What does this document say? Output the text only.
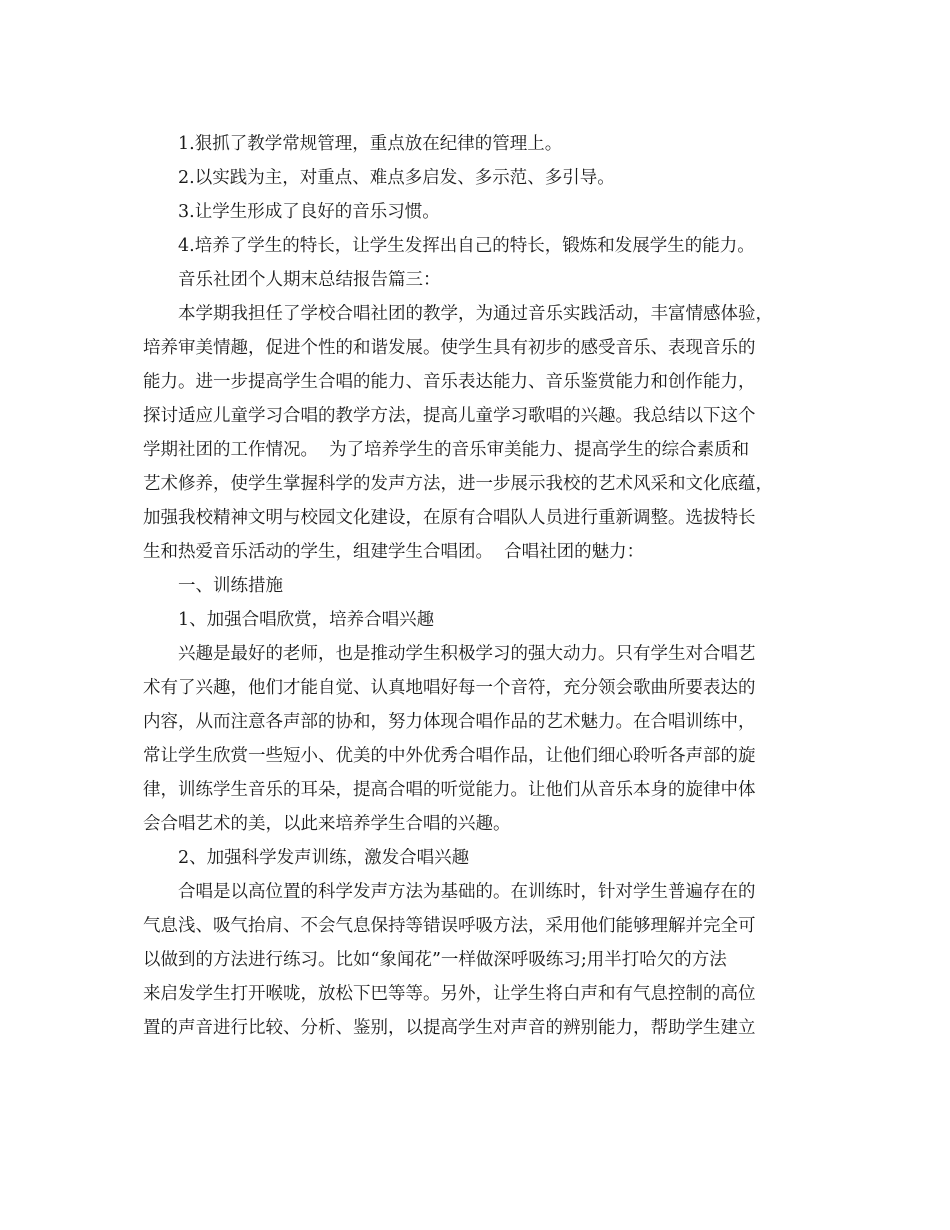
1.狠抓了教学常规管理，重点放在纪律的管理上。
2.以实践为主，对重点、难点多启发、多示范、多引导。
3.让学生形成了良好的音乐习惯。
4.培养了学生的特长，让学生发挥出自己的特长，锻炼和发展学生的能力。
音乐社团个人期末总结报告篇三：
本学期我担任了学校合唱社团的教学，为通过音乐实践活动，丰富情感体验，
培养审美情趣，促进个性的和谐发展。使学生具有初步的感受音乐、表现音乐的
能力。进一步提高学生合唱的能力、音乐表达能力、音乐鉴赏能力和创作能力，
探讨适应儿童学习合唱的教学方法，提高儿童学习歌唱的兴趣。我总结以下这个
学期社团的工作情况。  为了培养学生的音乐审美能力、提高学生的综合素质和
艺术修养，使学生掌握科学的发声方法，进一步展示我校的艺术风采和文化底蕴，
加强我校精神文明与校园文化建设，在原有合唱队人员进行重新调整。选拔特长
生和热爱音乐活动的学生，组建学生合唱团。  合唱社团的魅力：
一、训练措施
1、加强合唱欣赏，培养合唱兴趣
兴趣是最好的老师，也是推动学生积极学习的强大动力。只有学生对合唱艺
术有了兴趣，他们才能自觉、认真地唱好每一个音符，充分领会歌曲所要表达的
内容，从而注意各声部的协和，努力体现合唱作品的艺术魅力。在合唱训练中，
常让学生欣赏一些短小、优美的中外优秀合唱作品，让他们细心聆听各声部的旋
律，训练学生音乐的耳朵，提高合唱的听觉能力。让他们从音乐本身的旋律中体
会合唱艺术的美，以此来培养学生合唱的兴趣。
2、加强科学发声训练，激发合唱兴趣
合唱是以高位置的科学发声方法为基础的。在训练时，针对学生普遍存在的
气息浅、吸气抬肩、不会气息保持等错误呼吸方法，采用他们能够理解并完全可
以做到的方法进行练习。比如“象闻花”一样做深呼吸练习;用半打哈欠的方法
来启发学生打开喉咙，放松下巴等等。另外，让学生将白声和有气息控制的高位
置的声音进行比较、分析、鉴别，以提高学生对声音的辨别能力，帮助学生建立
